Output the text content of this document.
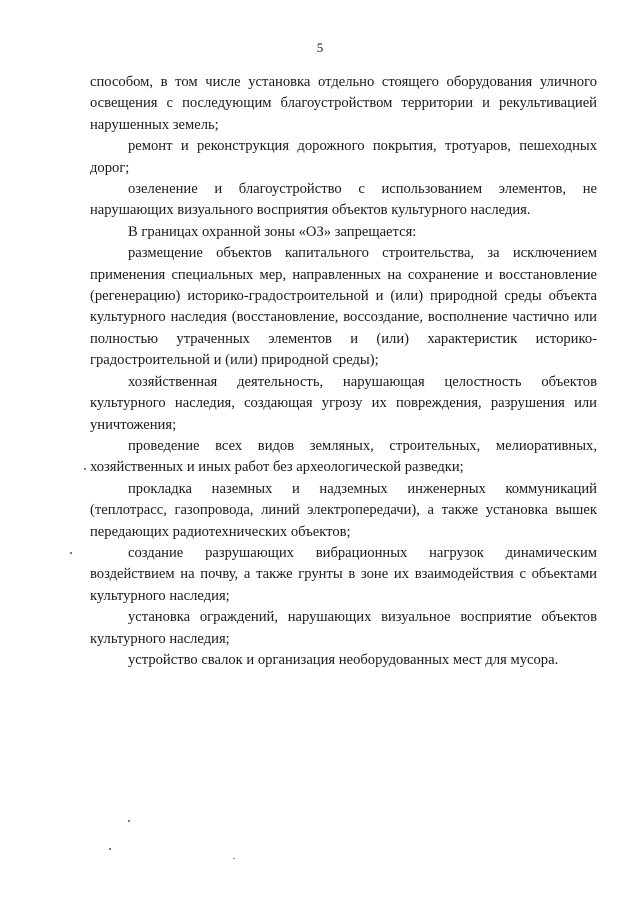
5

способом, в том числе установка отдельно стоящего оборудования уличного освещения с последующим благоустройством территории и рекультивацией нарушенных земель;

ремонт и реконструкция дорожного покрытия, тротуаров, пешеходных дорог;

озеленение и благоустройство с использованием элементов, не нарушающих визуального восприятия объектов культурного наследия.

В границах охранной зоны «ОЗ» запрещается:

размещение объектов капитального строительства, за исключением применения специальных мер, направленных на сохранение и восстановление (регенерацию) историко-градостроительной и (или) природной среды объекта культурного наследия (восстановление, воссоздание, восполнение частично или полностью утраченных элементов и (или) характеристик историко-градостроительной и (или) природной среды);

хозяйственная деятельность, нарушающая целостность объектов культурного наследия, создающая угрозу их повреждения, разрушения или уничтожения;

проведение всех видов земляных, строительных, мелиоративных, хозяйственных и иных работ без археологической разведки;

прокладка наземных и надземных инженерных коммуникаций (теплотрасс, газопровода, линий электропередачи), а также установка вышек передающих радиотехнических объектов;

создание разрушающих вибрационных нагрузок динамическим воздействием на почву, а также грунты в зоне их взаимодействия с объектами культурного наследия;

установка ограждений, нарушающих визуальное восприятие объектов культурного наследия;

устройство свалок и организация необорудованных мест для мусора.
